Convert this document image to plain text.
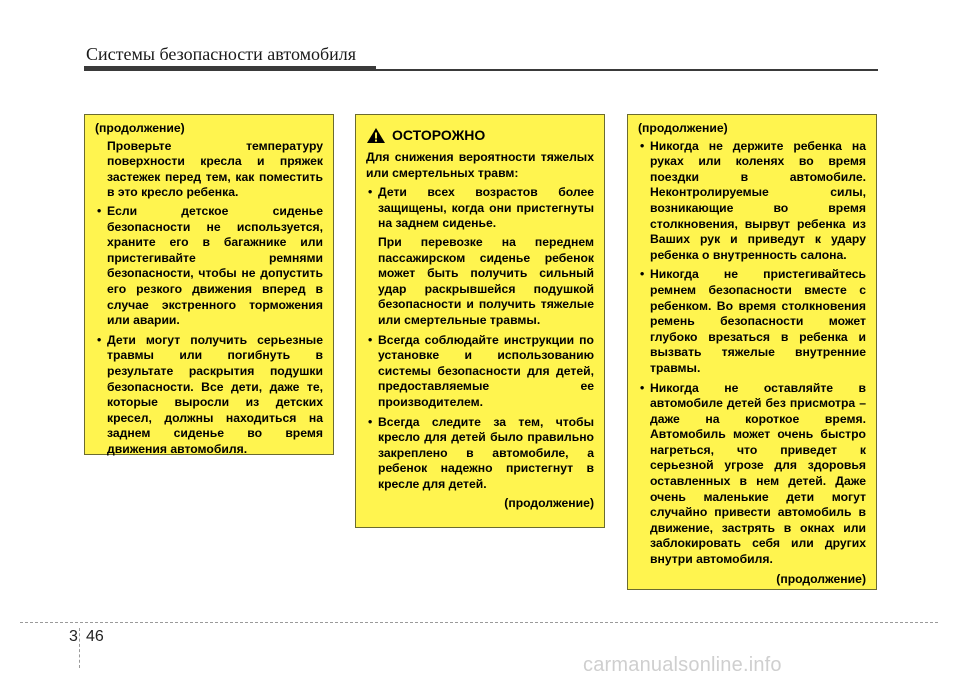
Системы безопасности автомобиля
(продолжение)
Проверьте температуру поверхности кресла и пряжек застежек перед тем, как поместить в это кресло ребенка.
• Если детское сиденье безопасности не используется, храните его в багажнике или пристегивайте ремнями безопасности, чтобы не допустить его резкого движения вперед в случае экстренного торможения или аварии.
• Дети могут получить серьезные травмы или погибнуть в результате раскрытия подушки безопасности. Все дети, даже те, которые выросли из детских кресел, должны находиться на заднем сиденье во время движения автомобиля.
ОСТОРОЖНО
Для снижения вероятности тяжелых или смертельных травм:
• Дети всех возрастов более защищены, когда они пристегнуты на заднем сиденье.
При перевозке на переднем пассажирском сиденье ребенок может быть получить сильный удар раскрывшейся подушкой безопасности и получить тяжелые или смертельные травмы.
• Всегда соблюдайте инструкции по установке и использованию системы безопасности для детей, предоставляемые ее производителем.
• Всегда следите за тем, чтобы кресло для детей было правильно закреплено в автомобиле, а ребенок надежно пристегнут в кресле для детей.
(продолжение)
(продолжение)
• Никогда не держите ребенка на руках или коленях во время поездки в автомобиле. Неконтролируемые силы, возникающие во время столкновения, вырвут ребенка из Ваших рук и приведут к удару ребенка о внутренность салона.
• Никогда не пристегивайтесь ремнем безопасности вместе с ребенком. Во время столкновения ремень безопасности может глубоко врезаться в ребенка и вызвать тяжелые внутренние травмы.
• Никогда не оставляйте в автомобиле детей без присмотра – даже на короткое время. Автомобиль может очень быстро нагреться, что приведет к серьезной угрозе для здоровья оставленных в нем детей. Даже очень маленькие дети могут случайно привести автомобиль в движение, застрять в окнах или заблокировать себя или других внутри автомобиля.
(продолжение)
3 46
carmanualsonline.info
